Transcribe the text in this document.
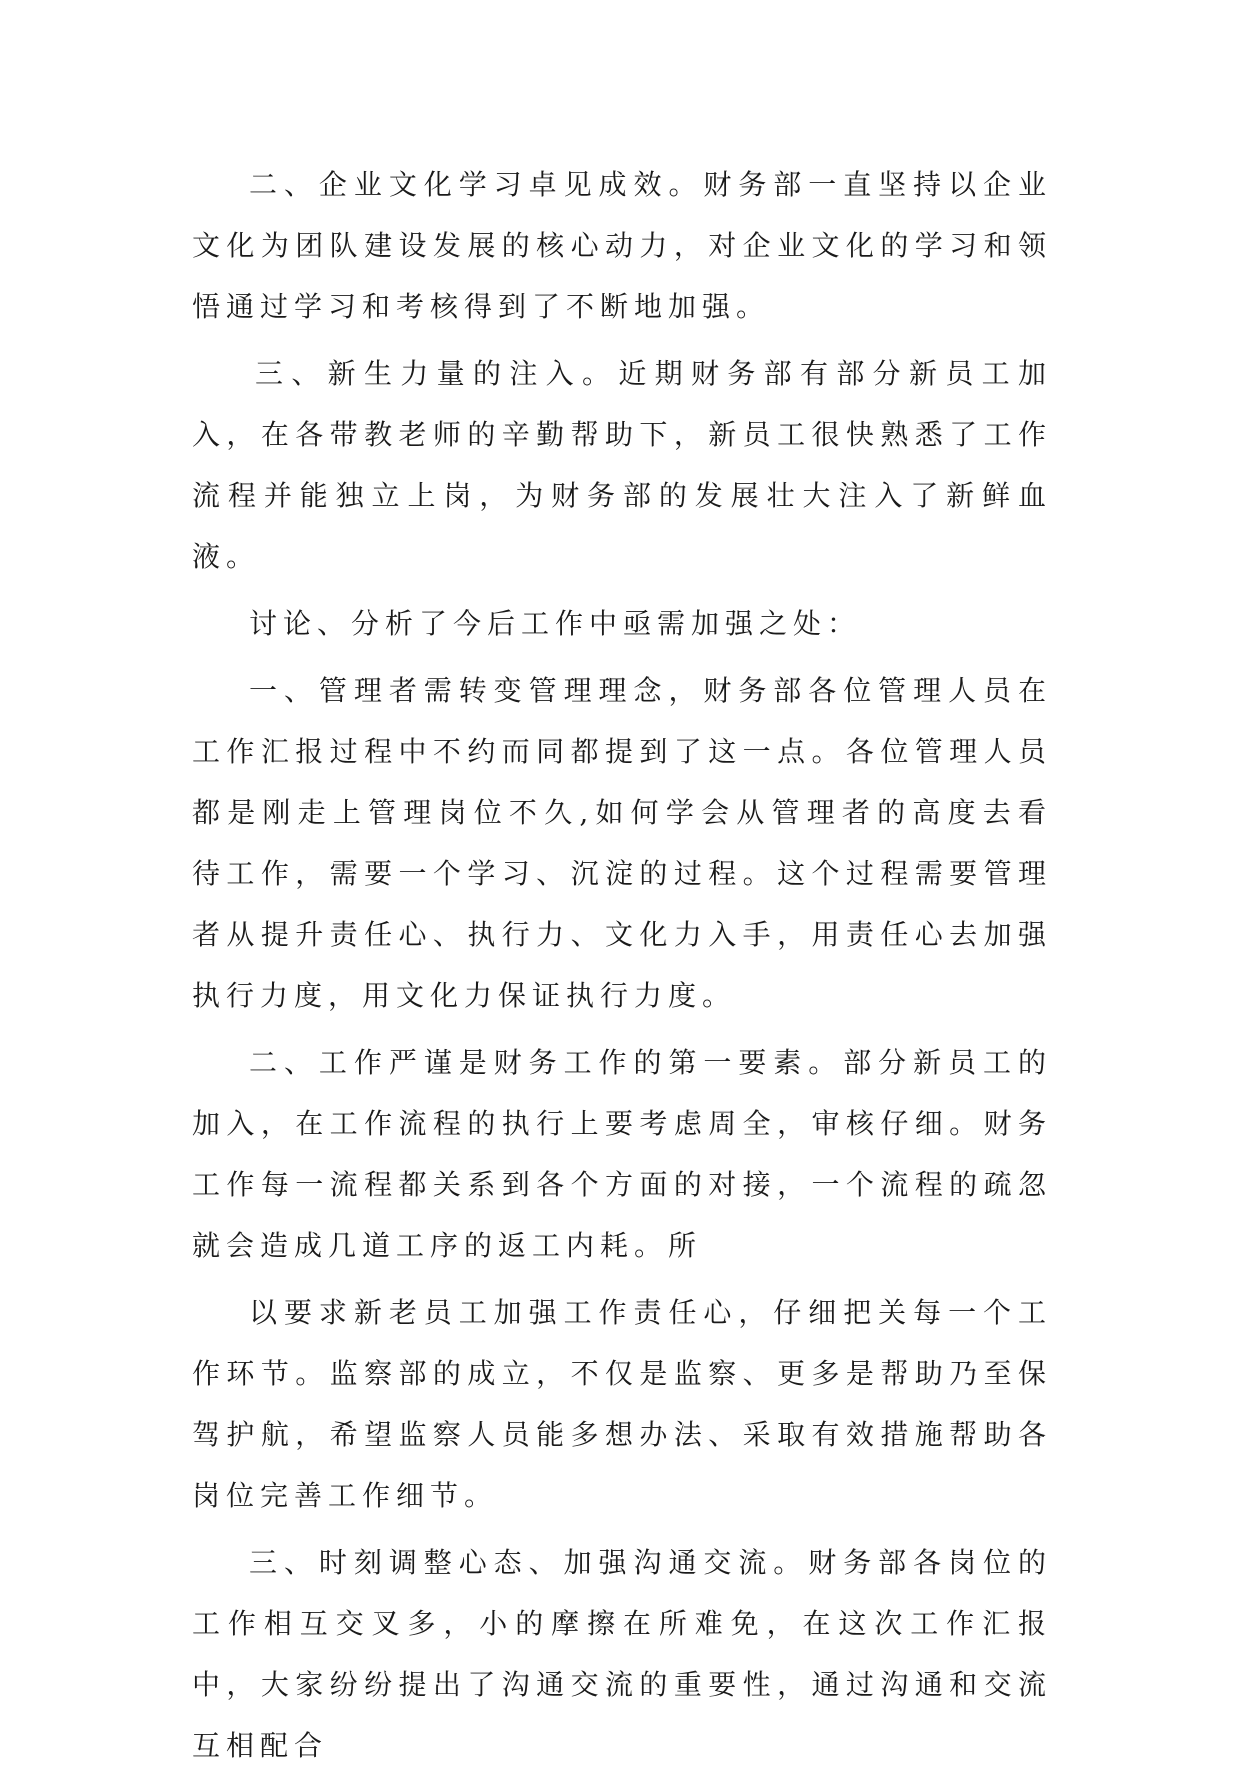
二、企业文化学习卓见成效。财务部一直坚持以企业文化为团队建设发展的核心动力，对企业文化的学习和领悟通过学习和考核得到了不断地加强。

三、新生力量的注入。近期财务部有部分新员工加入，在各带教老师的辛勤帮助下，新员工很快熟悉了工作流程并能独立上岗，为财务部的发展壮大注入了新鲜血液。

讨论、分析了今后工作中亟需加强之处：

一、管理者需转变管理理念，财务部各位管理人员在工作汇报过程中不约而同都提到了这一点。各位管理人员都是刚走上管理岗位不久,如何学会从管理者的高度去看待工作，需要一个学习、沉淀的过程。这个过程需要管理者从提升责任心、执行力、文化力入手，用责任心去加强执行力度，用文化力保证执行力度。

二、工作严谨是财务工作的第一要素。部分新员工的加入，在工作流程的执行上要考虑周全，审核仔细。财务工作每一流程都关系到各个方面的对接，一个流程的疏忽就会造成几道工序的返工内耗。所

以要求新老员工加强工作责任心，仔细把关每一个工作环节。监察部的成立，不仅是监察、更多是帮助乃至保驾护航，希望监察人员能多想办法、采取有效措施帮助各岗位完善工作细节。

三、时刻调整心态、加强沟通交流。财务部各岗位的工作相互交叉多，小的摩擦在所难免，在这次工作汇报中，大家纷纷提出了沟通交流的重要性，通过沟通和交流互相配合
